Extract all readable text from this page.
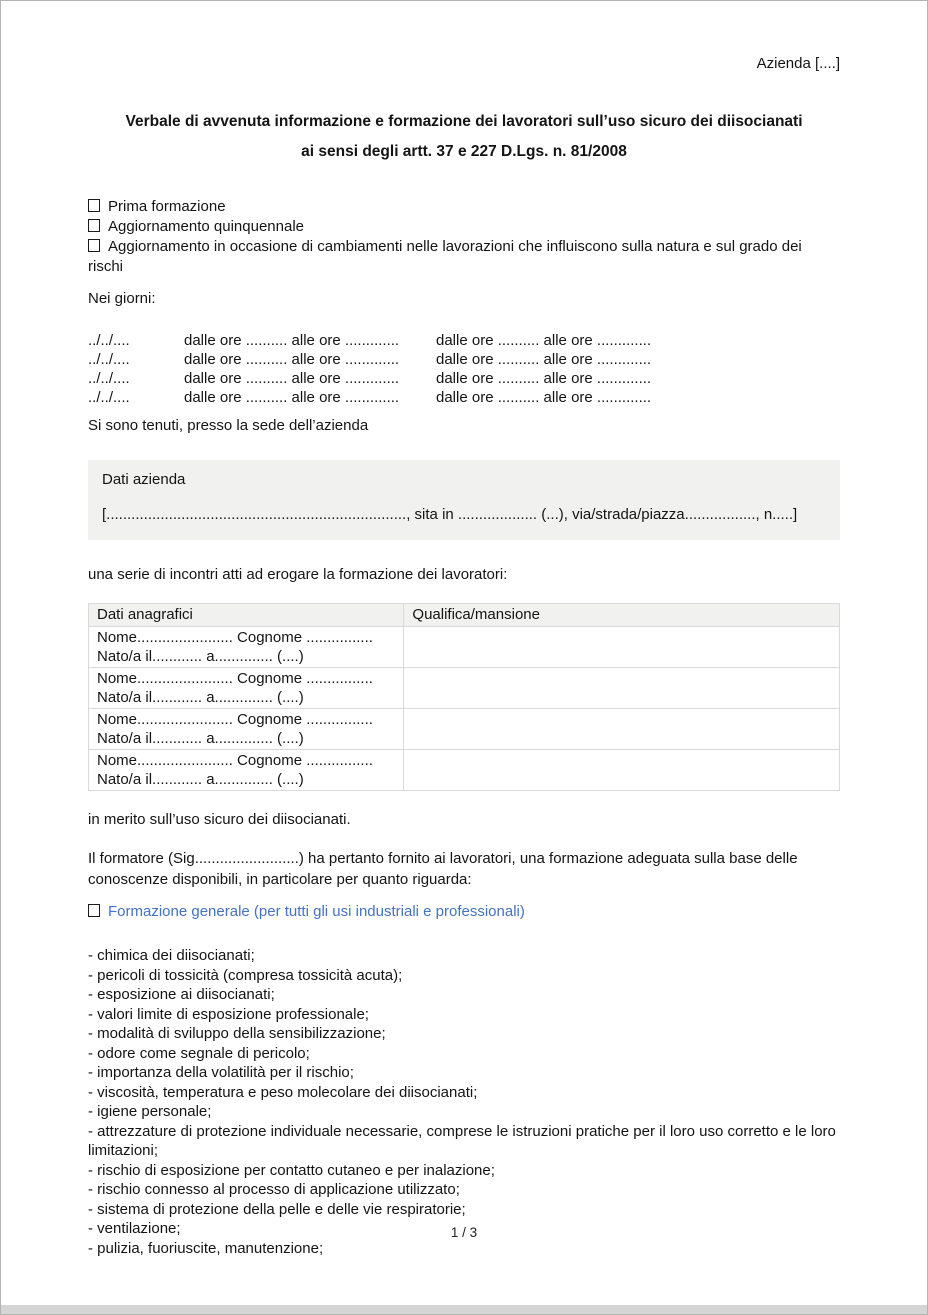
Azienda [....]
Verbale di avvenuta informazione e formazione dei lavoratori sull’uso sicuro dei diisocianati
ai sensi degli artt. 37 e 227 D.Lgs. n. 81/2008
Prima formazione
Aggiornamento quinquennale
Aggiornamento in occasione di cambiamenti nelle lavorazioni che influiscono sulla natura e sul grado dei rischi
Nei giorni:
../../....	dalle ore .......... alle ore .............	dalle ore .......... alle ore .............
../../....	dalle ore .......... alle ore .............	dalle ore .......... alle ore .............
../../....	dalle ore .......... alle ore .............	dalle ore .......... alle ore .............
../../....	dalle ore .......... alle ore .............	dalle ore .......... alle ore .............
Si sono tenuti, presso la sede dell’azienda
Dati azienda
[........................................................................, sita in ................... (...), via/strada/piazza................., n.....]
una serie di incontri atti ad erogare la formazione dei lavoratori:
Dati anagrafici	Qualifica/mansione

Nome....................... Cognome ................
Nato/a il............ a.............. (....)	

Nome....................... Cognome ................
Nato/a il............ a.............. (....)	

Nome....................... Cognome ................
Nato/a il............ a.............. (....)	

Nome....................... Cognome ................
Nato/a il............ a.............. (....)	

in merito sull’uso sicuro dei diisocianati.
Il formatore (Sig.........................) ha pertanto fornito ai lavoratori, una formazione adeguata sulla base delle conoscenze disponibili, in particolare per quanto riguarda:
Formazione generale (per tutti gli usi industriali e professionali)
- chimica dei diisocianati;
- pericoli di tossicità (compresa tossicità acuta);
- esposizione ai diisocianati;
- valori limite di esposizione professionale;
- modalità di sviluppo della sensibilizzazione;
- odore come segnale di pericolo;
- importanza della volatilità per il rischio;
- viscosità, temperatura e peso molecolare dei diisocianati;
- igiene personale;
- attrezzature di protezione individuale necessarie, comprese le istruzioni pratiche per il loro uso corretto e le loro limitazioni;
- rischio di esposizione per contatto cutaneo e per inalazione;
- rischio connesso al processo di applicazione utilizzato;
- sistema di protezione della pelle e delle vie respiratorie;
- ventilazione;
- pulizia, fuoriuscite, manutenzione;
1 / 3
